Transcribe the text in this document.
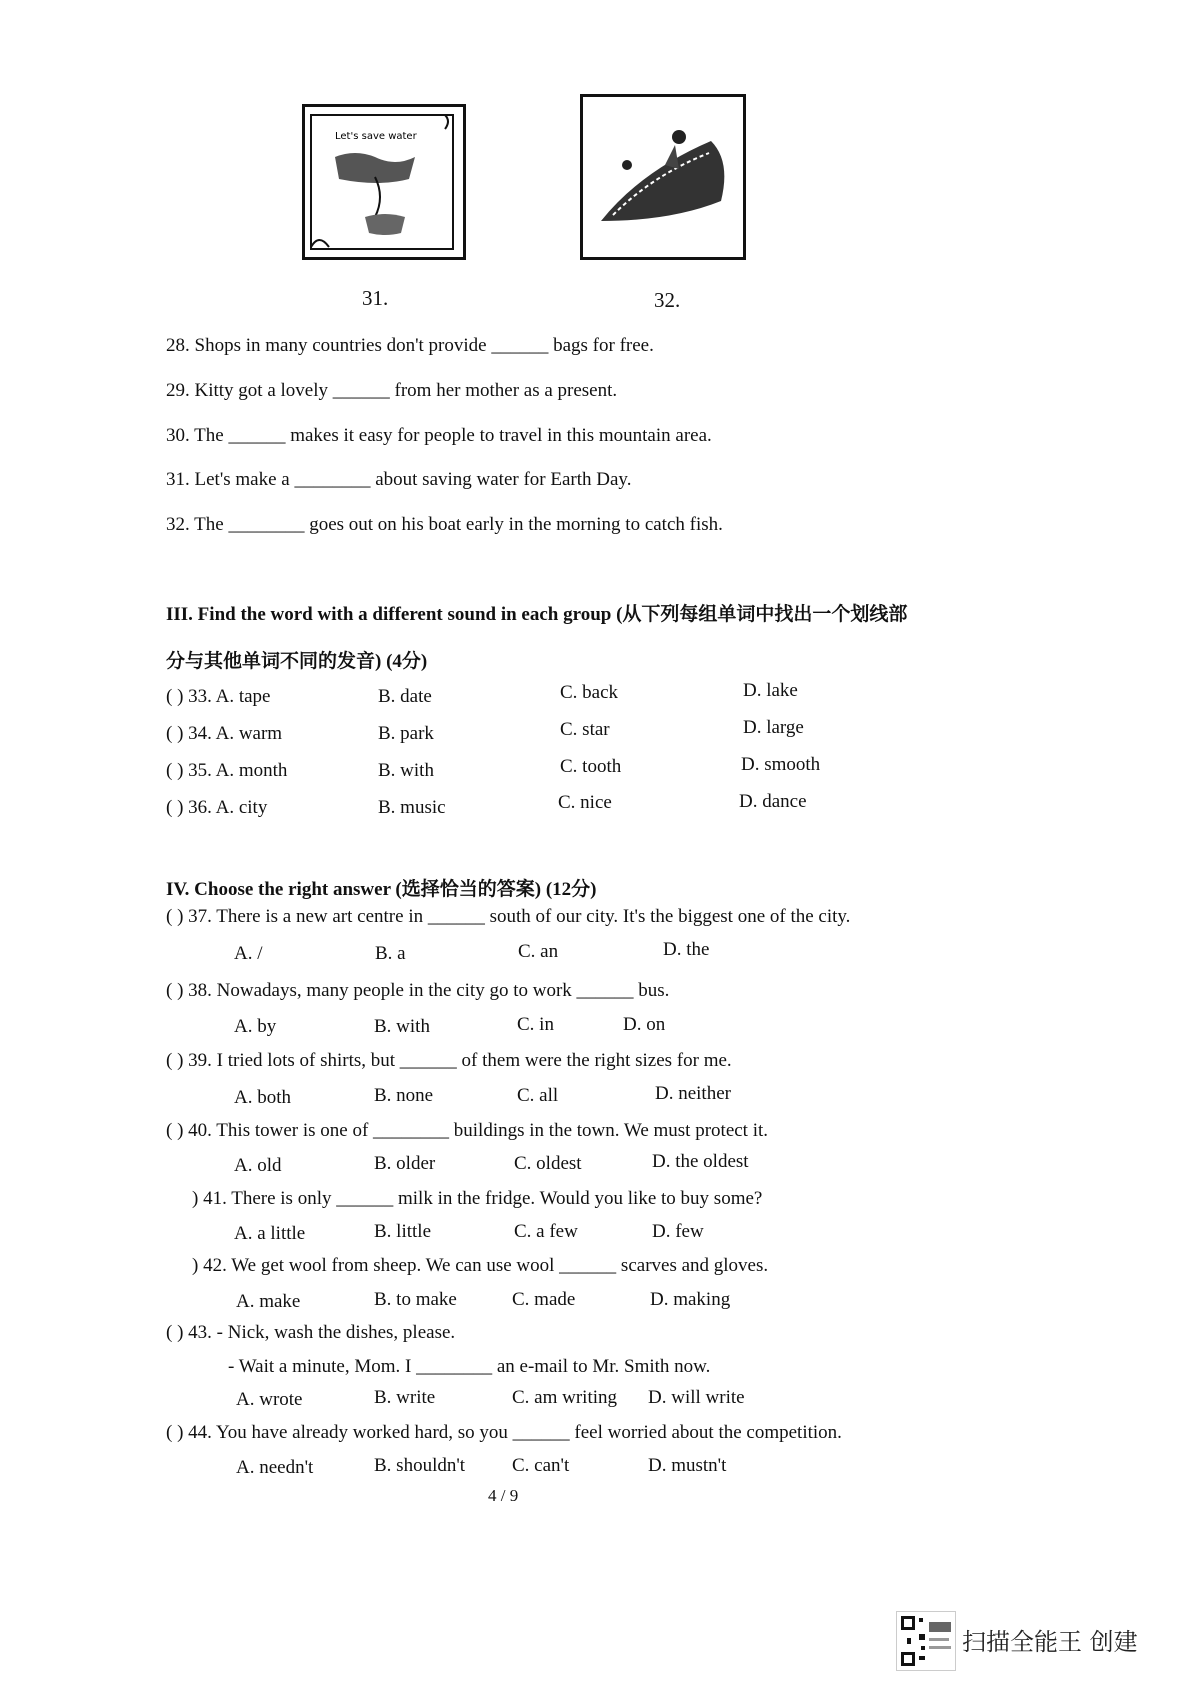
Let's save water
31.	32.
28. Shops in many countries don't provide ______ bags for free.
29. Kitty got a lovely ______ from her mother as a present.
30. The ______ makes it easy for people to travel in this mountain area.
31. Let's make a ________ about saving water for Earth Day.
32. The ________ goes out on his boat early in the morning to catch fish.
III. Find the word with a different sound in each group (从下列每组单词中找出一个划线部
分与其他单词不同的发音) (4分)
( ) 33. A. tape	B. date	C. back	D. lake
( ) 34. A. warm	B. park	C. star	D. large
( ) 35. A. month	B. with	C. tooth	D. smooth
( ) 36. A. city	B. music	C. nice	D. dance
IV. Choose the right answer (选择恰当的答案) (12分)
( ) 37. There is a new art centre in ______ south of our city. It's the biggest one of the city.
A. /	B. a	C. an	D. the
( ) 38. Nowadays, many people in the city go to work ______ bus.
A. by	B. with	C. in	D. on
( ) 39. I tried lots of shirts, but ______ of them were the right sizes for me.
A. both	B. none	C. all	D. neither
( ) 40. This tower is one of ________ buildings in the town. We must protect it.
A. old	B. older	C. oldest	D. the oldest
) 41. There is only ______ milk in the fridge. Would you like to buy some?
A. a little	B. little	C. a few	D. few
) 42. We get wool from sheep. We can use wool ______ scarves and gloves.
A. make	B. to make	C. made	D. making
( ) 43. - Nick, wash the dishes, please.
- Wait a minute, Mom. I ________ an e-mail to Mr. Smith now.
A. wrote	B. write	C. am writing D. will write
( ) 44. You have already worked hard, so you ______ feel worried about the competition.
A. needn't	B. shouldn't C. can't	D. mustn't
4 / 9
扫描全能王 创建
